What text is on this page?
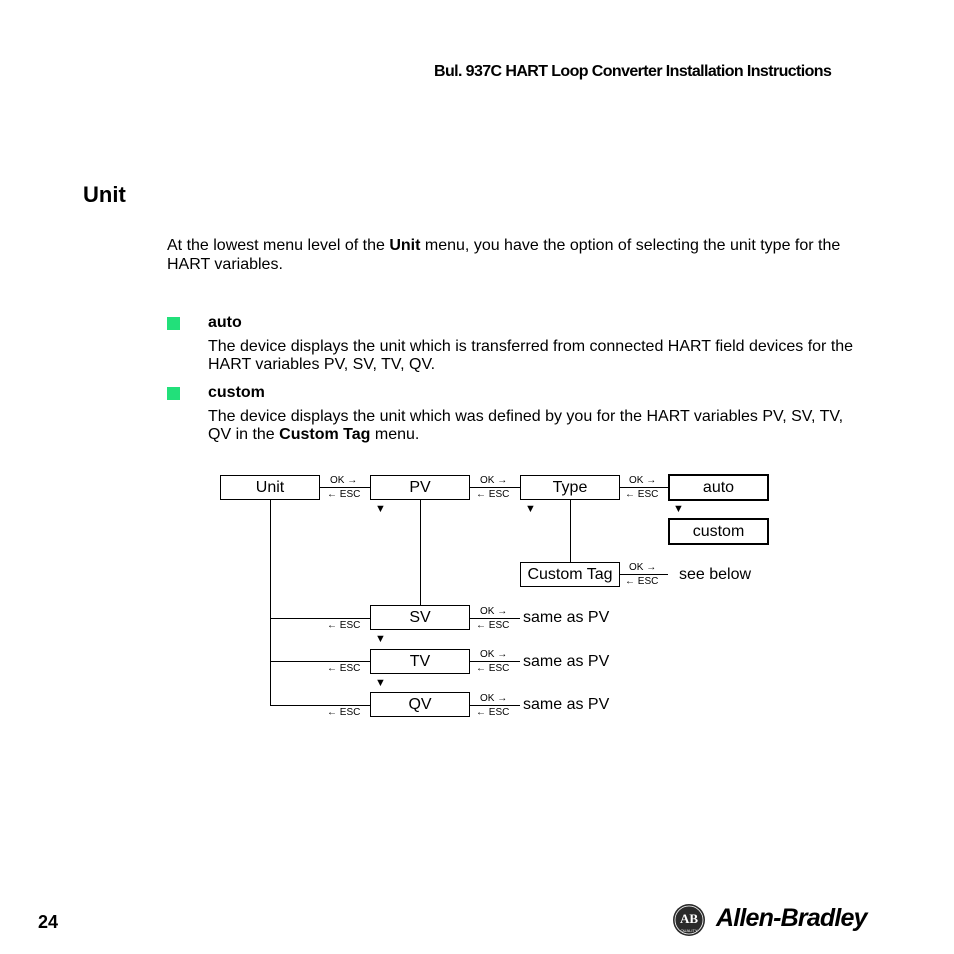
Bul. 937C HART Loop Converter Installation Instructions
Unit
At the lowest menu level of the Unit menu, you have the option of selecting the unit type for the HART variables.
auto
The device displays the unit which is transferred from connected HART field devices for the HART variables PV, SV, TV, QV.
custom
The device displays the unit which was defined by you for the HART variables PV, SV, TV, QV in the Custom Tag menu.
Unit	PV	Type	auto
custom
Custom Tag
SV
TV
QV
▼	▼	▼
▼
▼
OK →
← ESC
OK →
← ESC
OK →
← ESC
OK →
← ESC
← ESC
OK →
← ESC
← ESC
OK →
← ESC
← ESC
OK →
← ESC
see below
same as PV
same as PV
same as PV
24	AB
QUALITY Allen-Bradley
